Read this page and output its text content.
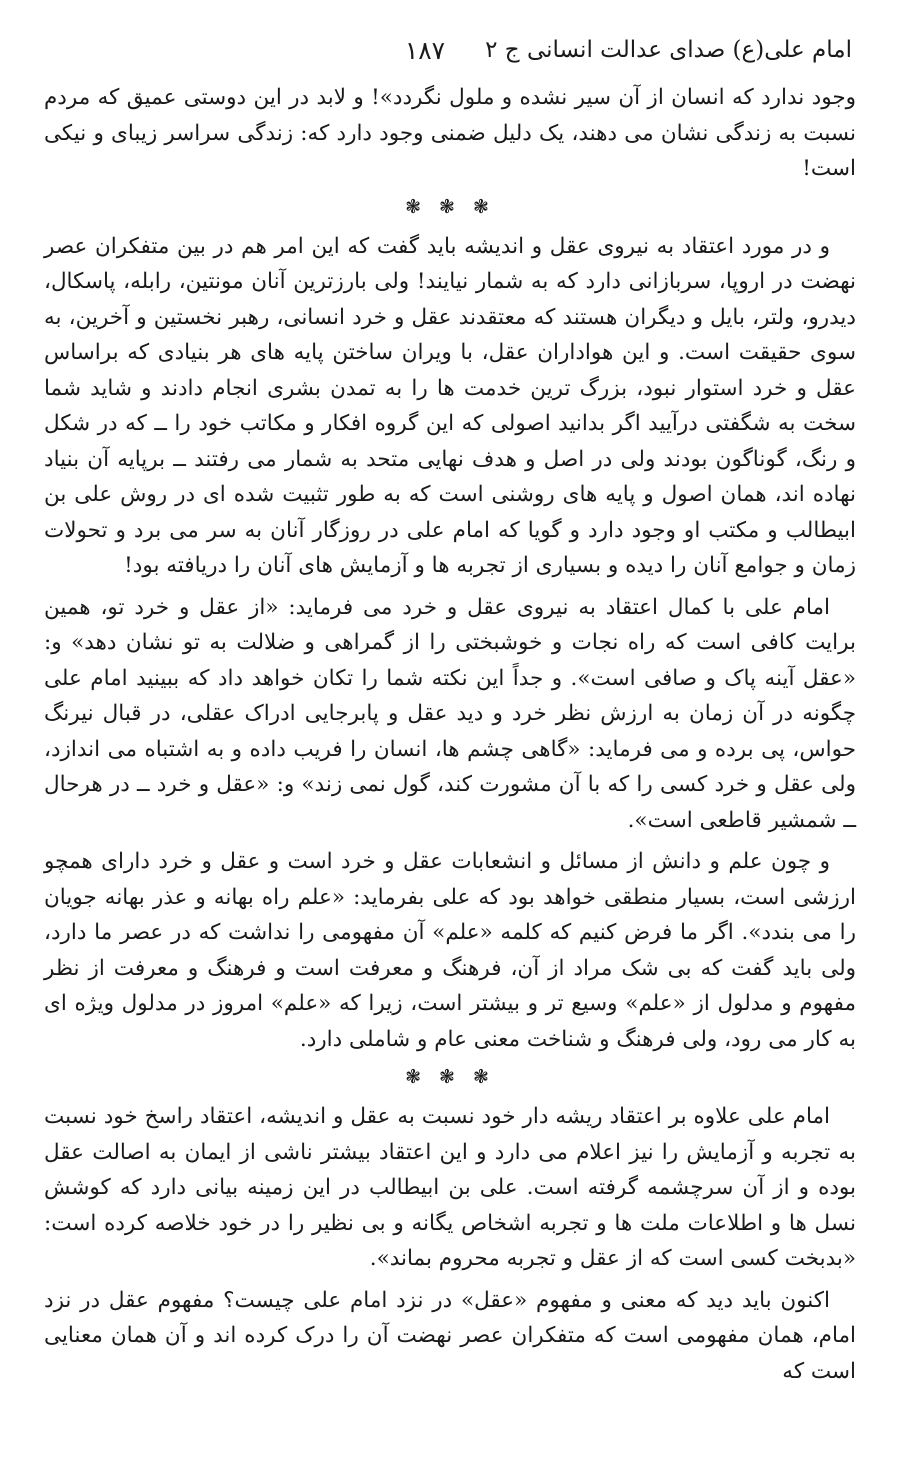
امام علی(ع) صدای عدالت انسانی ج ۲
۱۸۷

وجود ندارد که انسان از آن سیر نشده و ملول نگردد»! و لابد در این دوستی عمیق که مردم نسبت به زندگی نشان می دهند، یک دلیل ضمنی وجود دارد که: زندگی سراسر زیبای و نیکی است!

❃ ❃ ❃

و در مورد اعتقاد به نیروی عقل و اندیشه باید گفت که این امر هم در بین متفکران عصر نهضت در اروپا، سربازانی دارد که به شمار نیایند! ولی بارزترین آنان مونتین، رابله، پاسکال، دیدرو، ولتر، بایل و دیگران هستند که معتقدند عقل و خرد انسانی، رهبر نخستین و آخرین، به سوی حقیقت است. و این هواداران عقل، با ویران ساختن پایه های هر بنیادی که براساس عقل و خرد استوار نبود، بزرگ ترین خدمت ها را به تمدن بشری انجام دادند و شاید شما سخت به شگفتی درآیید اگر بدانید اصولی که این گروه افکار و مکاتب خود را ــ که در شکل و رنگ، گوناگون بودند ولی در اصل و هدف نهایی متحد به شمار می رفتند ــ برپایه آن بنیاد نهاده اند، همان اصول و پایه های روشنی است که به طور تثبیت شده ای در روش علی بن ابیطالب و مکتب او وجود دارد و گویا که امام علی در روزگار آنان به سر می برد و تحولات زمان و جوامع آنان را دیده و بسیاری از تجربه ها و آزمایش های آنان را دریافته بود!

امام علی با کمال اعتقاد به نیروی عقل و خرد می فرماید: «از عقل و خرد تو، همین برایت کافی است که راه نجات و خوشبختی را از گمراهی و ضلالت به تو نشان دهد» و: «عقل آینه پاک و صافی است». و جداً این نکته شما را تکان خواهد داد که ببینید امام علی چگونه در آن زمان به ارزش نظر خرد و دید عقل و پابرجایی ادراک عقلی، در قبال نیرنگ حواس، پی برده و می فرماید: «گاهی چشم ها، انسان را فریب داده و به اشتباه می اندازد، ولی عقل و خرد کسی را که با آن مشورت کند، گول نمی زند» و: «عقل و خرد ــ در هرحال ــ شمشیر قاطعی است».

و چون علم و دانش از مسائل و انشعابات عقل و خرد است و عقل و خرد دارای همچو ارزشی است، بسیار منطقی خواهد بود که علی بفرماید: «علم راه بهانه و عذر بهانه جویان را می بندد». اگر ما فرض کنیم که کلمه «علم» آن مفهومی را نداشت که در عصر ما دارد، ولی باید گفت که بی شک مراد از آن، فرهنگ و معرفت است و فرهنگ و معرفت از نظر مفهوم و مدلول از «علم» وسیع تر و بیشتر است، زیرا که «علم» امروز در مدلول ویژه ای به کار می رود، ولی فرهنگ و شناخت معنی عام و شاملی دارد.

❃ ❃ ❃

امام علی علاوه بر اعتقاد ریشه دار خود نسبت به عقل و اندیشه، اعتقاد راسخ خود نسبت به تجربه و آزمایش را نیز اعلام می دارد و این اعتقاد بیشتر ناشی از ایمان به اصالت عقل بوده و از آن سرچشمه گرفته است. علی بن ابیطالب در این زمینه بیانی دارد که کوشش نسل ها و اطلاعات ملت ها و تجربه اشخاص یگانه و بی نظیر را در خود خلاصه کرده است: «بدبخت کسی است که از عقل و تجربه محروم بماند».

اکنون باید دید که معنی و مفهوم «عقل» در نزد امام علی چیست؟ مفهوم عقل در نزد امام، همان مفهومی است که متفکران عصر نهضت آن را درک کرده اند و آن همان معنایی است که
